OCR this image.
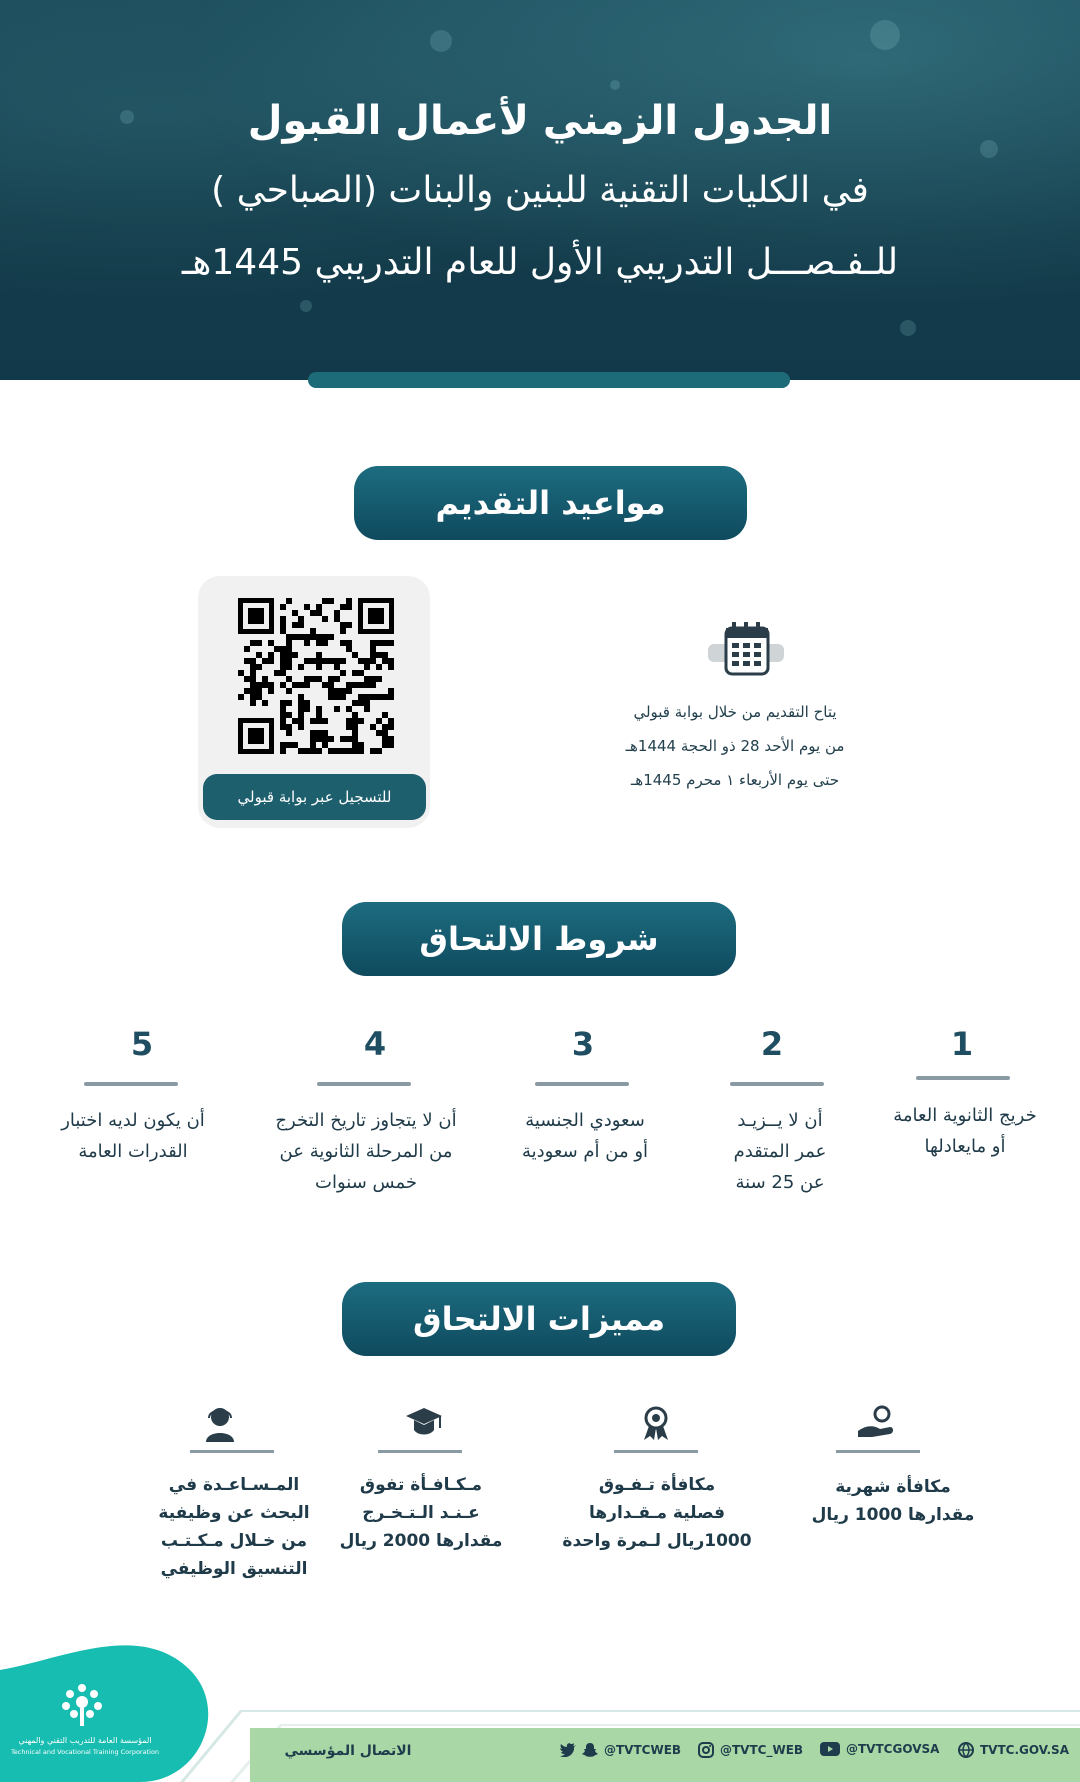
الجدول الزمني لأعمال القبول
في الكليات التقنية للبنين والبنات (الصباحي )
للـفـصـــل التدريبي الأول للعام التدريبي 1445هـ
مواعيد التقديم
للتسجيل عبر بوابة قبولي
يتاح التقديم من خلال بوابة قبولي
من يوم الأحد 28 ذو الحجة 1444هـ
حتى يوم الأربعاء ١ محرم 1445هـ
شروط الالتحاق
1
خريج الثانوية العامة
أو مايعادلها
2
أن لا يــزيـد
عمر المتقدم
عن 25 سنة
3
سعودي الجنسية
أو من أم سعودية
4
أن لا يتجاوز تاريخ التخرج
من المرحلة الثانوية عن
خمس سنوات
5
أن يكون لديه اختبار
القدرات العامة
مميزات الالتحاق
مكافأة شهرية
مقدارها 1000 ريال
مكافأة تـفـوق
فصلية مـقـدارها
1000ريال لـمرة واحدة
مـكـافـأة تفوق
عـنـد الـتـخـرج
مقدارها 2000 ريال
المـسـاعـدة في
البحث عن وظيفية
من خـلال مـكـتـب
التنسيق الوظيفي
المؤسسة العامة للتدريب التقني والمهني
Technical and Vocational Training Corporation	الاتصال المؤسسي	@TVTCWEB	@TVTC_WEB	@TVTCGOVSA	TVTC.GOV.SA
